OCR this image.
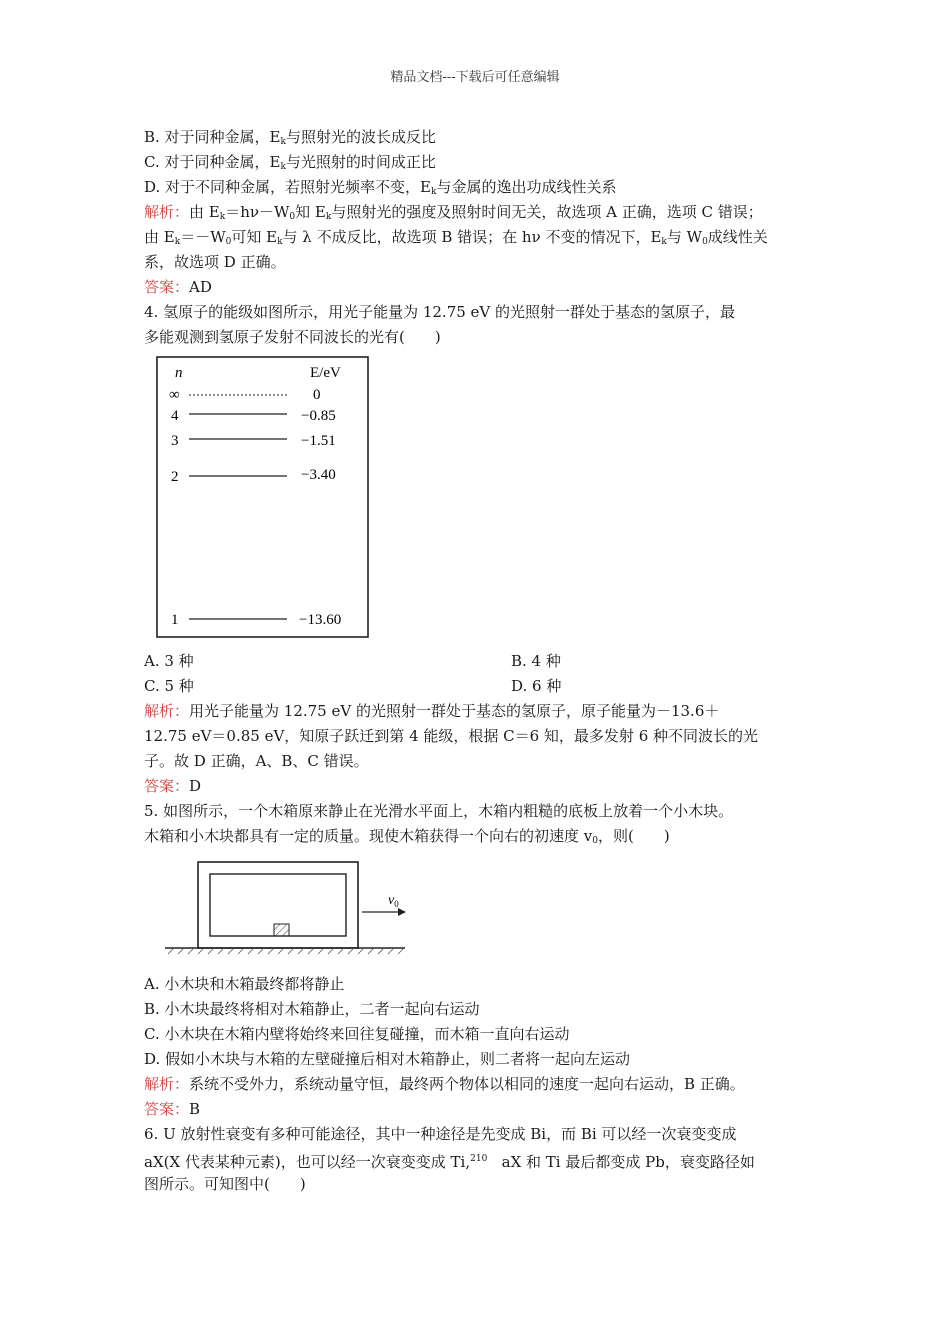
精品文档---下载后可任意编辑
B. 对于同种金属，$E_k$与照射光的波长成反比
C. 对于同种金属，$E_k$与光照射的时间成正比
D. 对于不同种金属，若照射光频率不变，$E_k$与金属的逸出功成线性关系
解析：由 $E_k=h\nu-W_0$知 $E_k$与照射光的强度及照射时间无关，故选项 A 正确，选项 C 错误；
由 $E_k=-W_0$可知 $E_k$与 λ 不成反比，故选项 B 错误；在 hν 不变的情况下，$E_k$与 $W_0$成线性关
系，故选项 D 正确。
答案：AD
4. 氢原子的能级如图所示，用光子能量为 12.75 eV 的光照射一群处于基态的氢原子，最
多能观测到氢原子发射不同波长的光有(　　)
n	E/eV
∞	0
4	−0.85
3	−1.51
2	−3.40
1	−13.60
A. 3 种	B. 4 种
C. 5 种	D. 6 种
解析：用光子能量为 12.75 eV 的光照射一群处于基态的氢原子，原子能量为－13.6＋
12.75 eV＝0.85 eV，知原子跃迁到第 4 能级，根据 C＝6 知，最多发射 6 种不同波长的光
子。故 D 正确，A、B、C 错误。
答案：D
5. 如图所示，一个木箱原来静止在光滑水平面上，木箱内粗糙的底板上放着一个小木块。
木箱和小木块都具有一定的质量。现使木箱获得一个向右的初速度 $v_0$，则(　　)
$v_0$
A. 小木块和木箱最终都将静止
B. 小木块最终将相对木箱静止，二者一起向右运动
C. 小木块在木箱内壁将始终来回往复碰撞，而木箱一直向右运动
D. 假如小木块与木箱的左壁碰撞后相对木箱静止，则二者将一起向左运动
解析：系统不受外力，系统动量守恒，最终两个物体以相同的速度一起向右运动，B 正确。
答案：B
6. U 放射性衰变有多种可能途径，其中一种途径是先变成 Bi，而 Bi 可以经一次衰变变成
aX(X 代表某种元素)，也可以经一次衰变变成 Ti,$^{210}$ aX 和 Ti 最后都变成 Pb，衰变路径如
图所示。可知图中(　　)
